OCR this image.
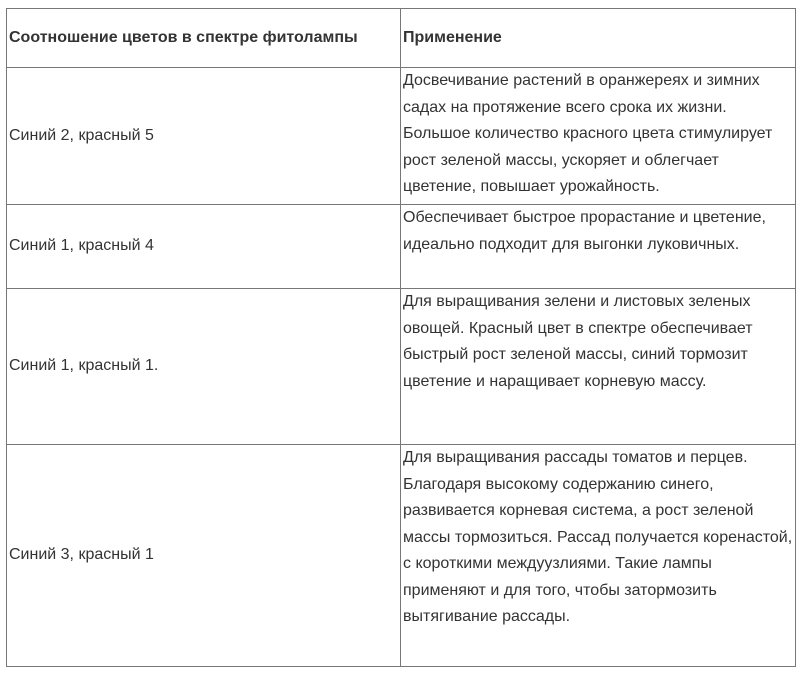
Соотношение цветов в спектре фитолампы	Применение
Синий 2, красный 5	Досвечивание растений в оранжереях и зимних садах на протяжение всего срока их жизни. Большое количество красного цвета стимулирует рост зеленой массы, ускоряет и облегчает цветение, повышает урожайность.
Синий 1, красный 4	Обеспечивает быстрое прорастание и цветение, идеально подходит для выгонки луковичных.
Синий 1, красный 1.	Для выращивания зелени и листовых зеленых овощей. Красный цвет в спектре обеспечивает быстрый рост зеленой массы, синий тормозит цветение и наращивает корневую массу.
Синий 3, красный 1	Для выращивания рассады томатов и перцев. Благодаря высокому содержанию синего, развивается корневая система, а рост зеленой массы тормозиться. Рассад получается коренастой, с короткими междуузлиями. Такие лампы применяют и для того, чтобы затормозить вытягивание рассады.
